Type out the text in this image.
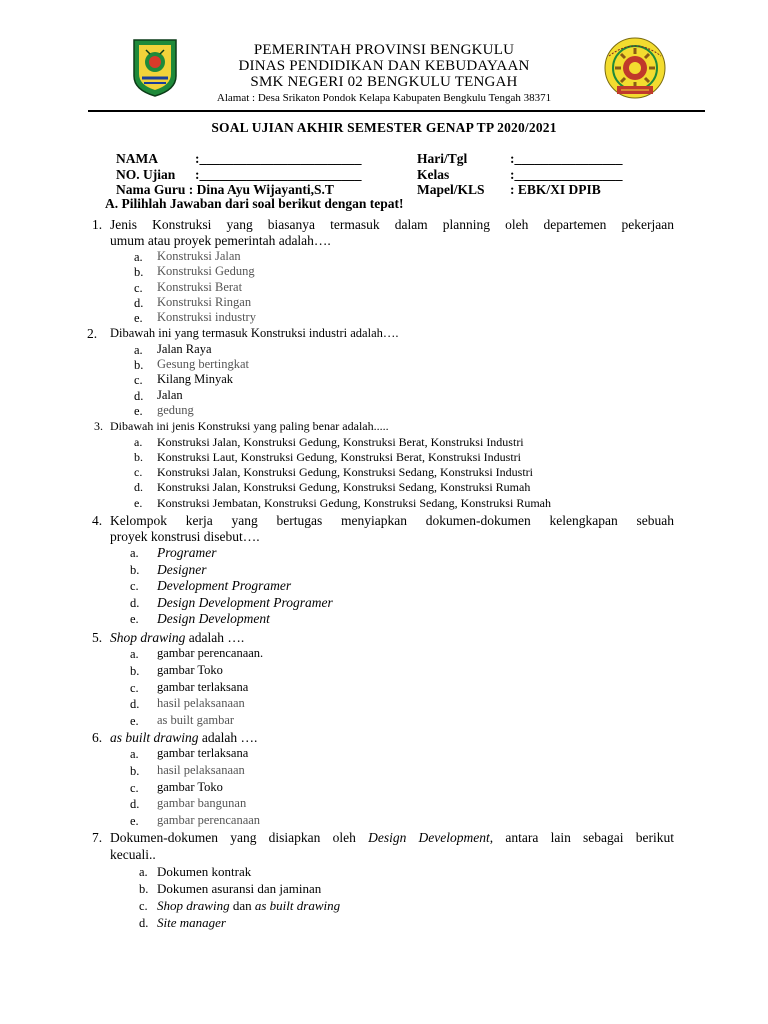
PEMERINTAH PROVINSI BENGKULU
DINAS PENDIDIKAN DAN KEBUDAYAAN
SMK NEGERI 02 BENGKULU TENGAH
Alamat : Desa Srikaton Pondok Kelapa Kabupaten Bengkulu Tengah 38371
SOAL UJIAN AKHIR SEMESTER GENAP TP 2020/2021
NAMA	:________________________
NO. Ujian :________________________
Nama Guru : Dina Ayu Wijayanti,S.T
Hari/Tgl	:________________
Kelas	:________________
Mapel/KLS : EBK/XI DPIB
A. Pilihlah Jawaban dari soal berikut dengan tepat!
1. Jenis Konstruksi yang biasanya termasuk dalam planning oleh departemen pekerjaan
umum atau proyek pemerintah adalah….
a. Konstruksi Jalan
b. Konstruksi Gedung
c. Konstruksi Berat
d. Konstruksi Ringan
e. Konstruksi industry
2. Dibawah ini yang termasuk Konstruksi industri adalah….
a. Jalan Raya
b. Gesung bertingkat
c. Kilang Minyak
d. Jalan
e. gedung
3. Dibawah ini jenis Konstruksi yang paling benar adalah.....
a. Konstruksi Jalan, Konstruksi Gedung, Konstruksi Berat, Konstruksi Industri
b. Konstruksi Laut, Konstruksi Gedung, Konstruksi Berat, Konstruksi Industri
c. Konstruksi Jalan, Konstruksi Gedung, Konstruksi Sedang, Konstruksi Industri
d. Konstruksi Jalan, Konstruksi Gedung, Konstruksi Sedang, Konstruksi Rumah
e. Konstruksi Jembatan, Konstruksi Gedung, Konstruksi Sedang, Konstruksi Rumah
4. Kelompok kerja yang bertugas menyiapkan dokumen-dokumen kelengkapan sebuah
proyek konstrusi disebut….
a. Programer
b. Designer
c. Development Programer
d. Design Development Programer
e. Design Development
5. Shop drawing adalah ….
a. gambar perencanaan.
b. gambar Toko
c. gambar terlaksana
d. hasil pelaksanaan
e. as built gambar
6. as built drawing adalah ….
a. gambar terlaksana
b. hasil pelaksanaan
c. gambar Toko
d. gambar bangunan
e. gambar perencanaan
7. Dokumen-dokumen yang disiapkan oleh Design Development, antara lain sebagai berikut
kecuali..
a. Dokumen kontrak
b. Dokumen asuransi dan jaminan
c. Shop drawing dan as built drawing
d. Site manager
